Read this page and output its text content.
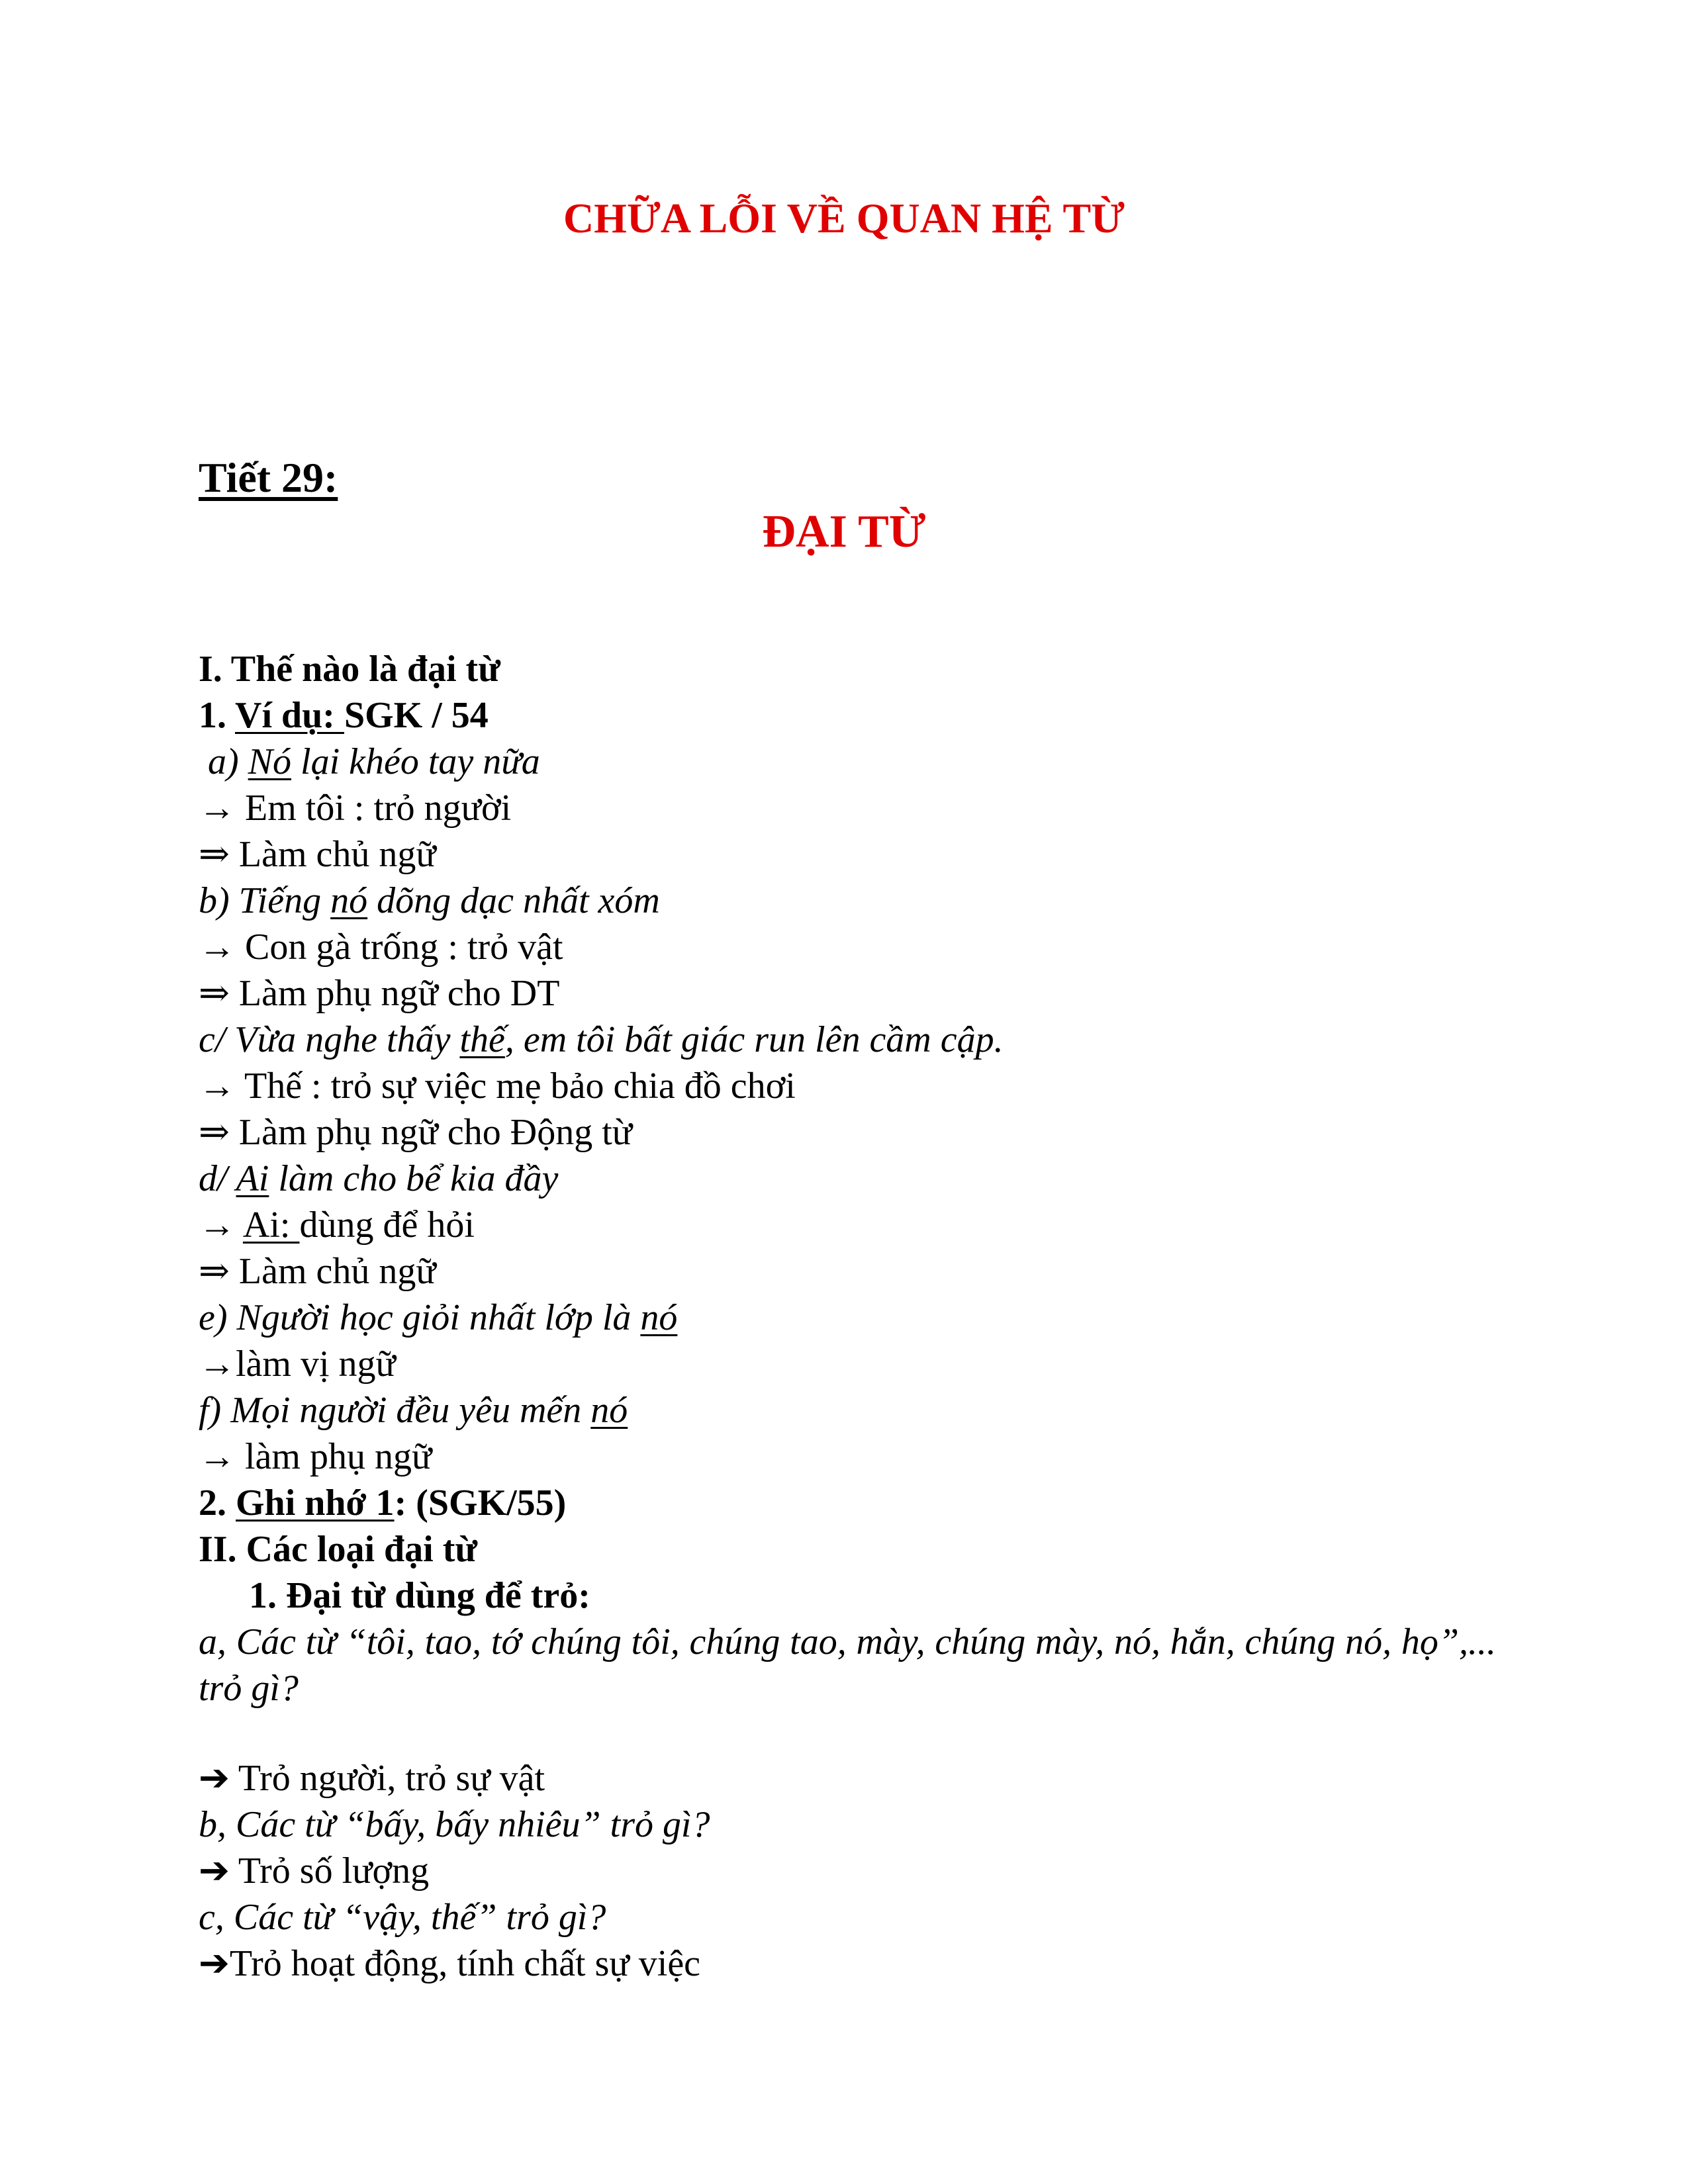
CHỮA LỖI VỀ QUAN HỆ TỪ
Tiết 29:
ĐẠI TỪ
I. Thế nào là đại từ
1. Ví dụ: SGK / 54
a) Nó lại khéo tay nữa
→ Em tôi : trỏ người
⇒ Làm chủ ngữ
b) Tiếng nó dõng dạc nhất xóm
→ Con gà trống : trỏ vật
⇒ Làm phụ ngữ cho DT
c/ Vừa nghe thấy thế, em tôi bất giác run lên cầm cập.
→ Thế : trỏ sự việc mẹ bảo chia đồ chơi
⇒ Làm phụ ngữ cho Động từ
d/ Ai làm cho bể kia đầy
→ Ai: dùng để hỏi
⇒ Làm chủ ngữ
e) Người học giỏi nhất lớp là nó
→làm vị ngữ
f) Mọi người đều yêu mến nó
→ làm phụ ngữ
2. Ghi nhớ 1: (SGK/55)
II. Các loại đại từ
1. Đại từ dùng để trỏ:
a, Các từ “tôi, tao, tớ chúng tôi, chúng tao, mày, chúng mày, nó, hắn, chúng nó, họ”,... trỏ gì?
➔ Trỏ người, trỏ sự vật
b, Các từ “bấy, bấy nhiêu” trỏ gì?
➔ Trỏ số lượng
c, Các từ “vậy, thế” trỏ gì?
➔Trỏ hoạt động, tính chất sự việc
